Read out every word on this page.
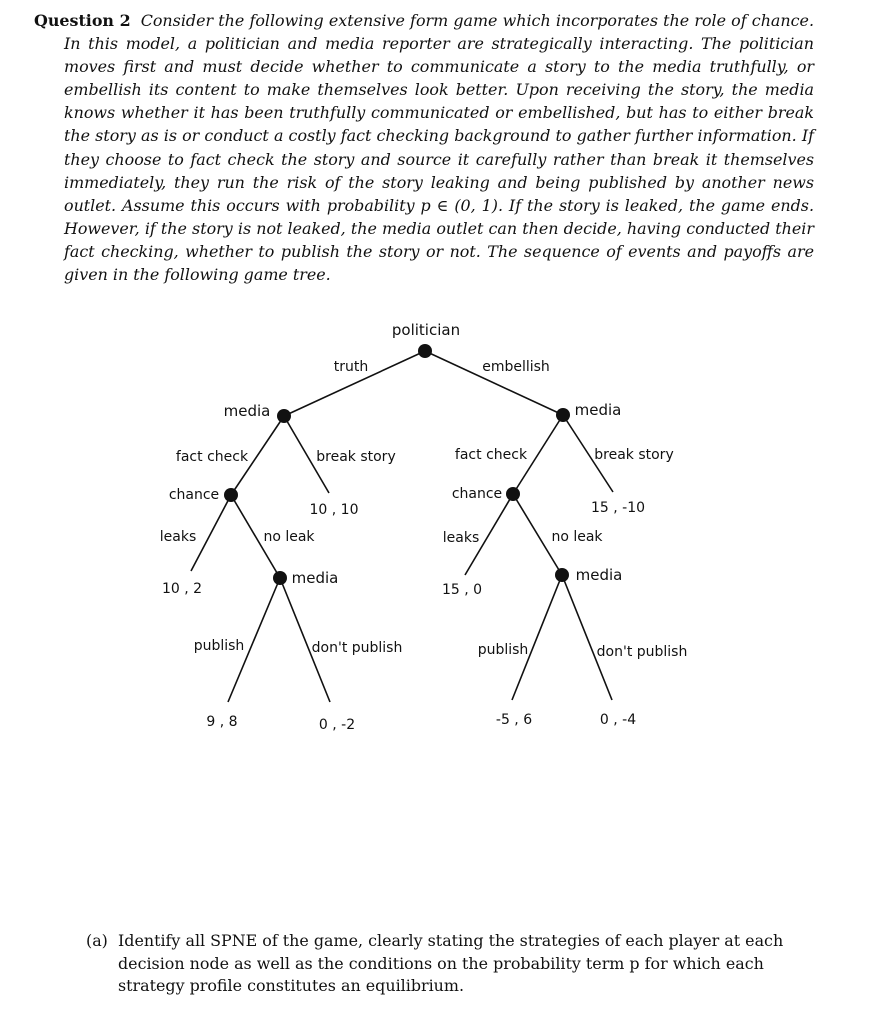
Question 2 Consider the following extensive form game which incorporates the role of chance. In this model, a politician and media reporter are strategically interacting. The politician moves first and must decide whether to communicate a story to the media truthfully, or embellish its content to make themselves look better. Upon receiving the story, the media knows whether it has been truthfully communicated or embellished, but has to either break the story as is or conduct a costly fact checking background to gather further information. If they choose to fact check the story and source it carefully rather than break it themselves immediately, they run the risk of the story leaking and being published by another news outlet. Assume this occurs with probability p ∈ (0, 1). If the story is leaked, the game ends. However, if the story is not leaked, the media outlet can then decide, having conducted their fact checking, whether to publish the story or not. The sequence of events and payoffs are given in the following game tree.

politician
truth	embellish
media
fact check	break story
10 , 10
chance
leaks	no leak
10 , 2
media
publish	don't publish
9 , 8	0 , -2
media
fact check	break story
15 , -10
chance
leaks	no leak
15 , 0
media
publish	don't publish
-5 , 6	0 , -4
(a) Identify all SPNE of the game, clearly stating the strategies of each player at each decision node as well as the conditions on the probability term p for which each strategy profile constitutes an equilibrium.
